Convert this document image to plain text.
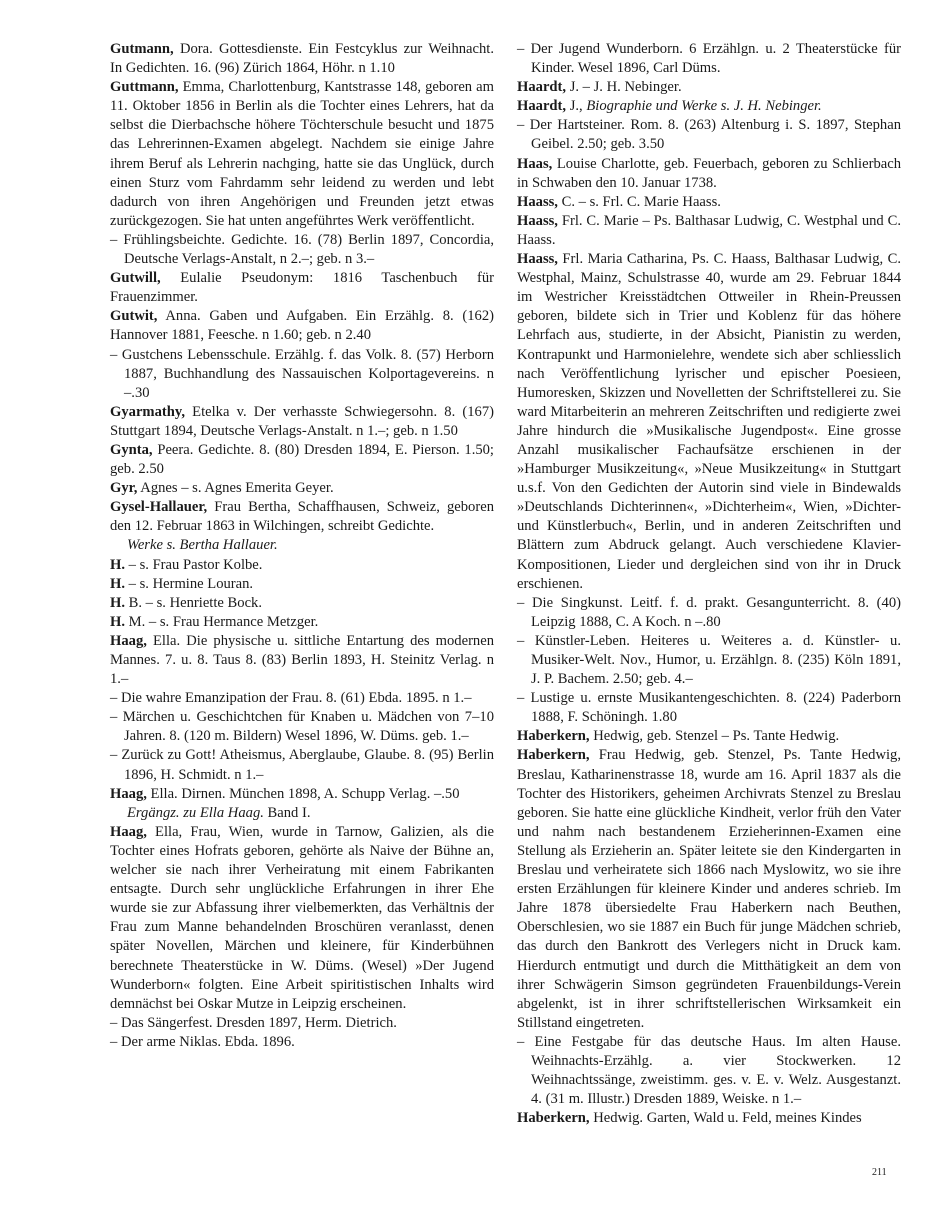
Gutmann, Dora. Gottesdienste. Ein Festcyklus zur Weihnacht. In Gedichten. 16. (96) Zürich 1864, Höhr. n 1.10

Guttmann, Emma, Charlottenburg, Kantstrasse 148, geboren am 11. Oktober 1856 in Berlin als die Tochter eines Lehrers, hat da selbst die Dierbachsche höhere Töchterschule besucht und 1875 das Lehrerinnen-Examen abgelegt. Nachdem sie einige Jahre ihrem Beruf als Lehrerin nachging, hatte sie das Unglück, durch einen Sturz vom Fahrdamm sehr leidend zu werden und lebt dadurch von ihren Angehörigen und Freunden jetzt etwas zurückgezogen. Sie hat unten angeführtes Werk veröffentlicht.

– Frühlingsbeichte. Gedichte. 16. (78) Berlin 1897, Concordia, Deutsche Verlags-Anstalt, n 2.–; geb. n 3.–

Gutwill, Eulalie Pseudonym: 1816 Taschenbuch für Frauenzimmer.

Gutwit, Anna. Gaben und Aufgaben. Ein Erzählg. 8. (162) Hannover 1881, Feesche. n 1.60; geb. n 2.40

– Gustchens Lebensschule. Erzählg. f. das Volk. 8. (57) Herborn 1887, Buchhandlung des Nassauischen Kolportagevereins. n –.30

Gyarmathy, Etelka v. Der verhasste Schwiegersohn. 8. (167) Stuttgart 1894, Deutsche Verlags-Anstalt. n 1.–; geb. n 1.50

Gynta, Peera. Gedichte. 8. (80) Dresden 1894, E. Pierson. 1.50; geb. 2.50

Gyr, Agnes – s. Agnes Emerita Geyer.

Gysel-Hallauer, Frau Bertha, Schaffhausen, Schweiz, geboren den 12. Februar 1863 in Wilchingen, schreibt Gedichte.

Werke s. Bertha Hallauer.

H. – s. Frau Pastor Kolbe.

H. – s. Hermine Louran.

H. B. – s. Henriette Bock.

H. M. – s. Frau Hermance Metzger.

Haag, Ella. Die physische u. sittliche Entartung des modernen Mannes. 7. u. 8. Taus 8. (83) Berlin 1893, H. Steinitz Verlag. n 1.–

– Die wahre Emanzipation der Frau. 8. (61) Ebda. 1895. n 1.–

– Märchen u. Geschichtchen für Knaben u. Mädchen von 7–10 Jahren. 8. (120 m. Bildern) Wesel 1896, W. Düms. geb. 1.–

– Zurück zu Gott! Atheismus, Aberglaube, Glaube. 8. (95) Berlin 1896, H. Schmidt. n 1.–

Haag, Ella. Dirnen. München 1898, A. Schupp Verlag. –.50

Ergängz. zu Ella Haag. Band I.

Haag, Ella, Frau, Wien, wurde in Tarnow, Galizien, als die Tochter eines Hofrats geboren, gehörte als Naive der Bühne an, welcher sie nach ihrer Verheiratung mit einem Fabrikanten entsagte. Durch sehr unglückliche Erfahrungen in ihrer Ehe wurde sie zur Abfassung ihrer vielbemerkten, das Verhältnis der Frau zum Manne behandelnden Broschüren veranlasst, denen später Novellen, Märchen und kleinere, für Kinderbühnen berechnete Theaterstücke in W. Düms. (Wesel) »Der Jugend Wunderborn« folgten. Eine Arbeit spiritistischen Inhalts wird demnächst bei Oskar Mutze in Leipzig erscheinen.

– Das Sängerfest. Dresden 1897, Herm. Dietrich.

– Der arme Niklas. Ebda. 1896.

– Der Jugend Wunderborn. 6 Erzählgn. u. 2 Theaterstücke für Kinder. Wesel 1896, Carl Düms.

Haardt, J. – J. H. Nebinger.

Haardt, J., Biographie und Werke s. J. H. Nebinger.

– Der Hartsteiner. Rom. 8. (263) Altenburg i. S. 1897, Stephan Geibel. 2.50; geb. 3.50

Haas, Louise Charlotte, geb. Feuerbach, geboren zu Schlierbach in Schwaben den 10. Januar 1738.

Haass, C. – s. Frl. C. Marie Haass.

Haass, Frl. C. Marie – Ps. Balthasar Ludwig, C. Westphal und C. Haass.

Haass, Frl. Maria Catharina, Ps. C. Haass, Balthasar Ludwig, C. Westphal, Mainz, Schulstrasse 40, wurde am 29. Februar 1844 im Westricher Kreisstädtchen Ottweiler in Rhein-Preussen geboren, bildete sich in Trier und Koblenz für das höhere Lehrfach aus, studierte, in der Absicht, Pianistin zu werden, Kontrapunkt und Harmonielehre, wendete sich aber schliesslich nach Veröffentlichung lyrischer und epischer Poesieen, Humoresken, Skizzen und Novelletten der Schriftstellerei zu. Sie ward Mitarbeiterin an mehreren Zeitschriften und redigierte zwei Jahre hindurch die »Musikalische Jugendpost«. Eine grosse Anzahl musikalischer Fachaufsätze erschienen in der »Hamburger Musikzeitung«, »Neue Musikzeitung« in Stuttgart u.s.f. Von den Gedichten der Autorin sind viele in Bindewalds »Deutschlands Dichterinnen«, »Dichterheim«, Wien, »Dichter- und Künstlerbuch«, Berlin, und in anderen Zeitschriften und Blättern zum Abdruck gelangt. Auch verschiedene Klavier-Kompositionen, Lieder und dergleichen sind von ihr in Druck erschienen.

– Die Singkunst. Leitf. f. d. prakt. Gesangunterricht. 8. (40) Leipzig 1888, C. A Koch. n –.80

– Künstler-Leben. Heiteres u. Weiteres a. d. Künstler- u. Musiker-Welt. Nov., Humor, u. Erzählgn. 8. (235) Köln 1891, J. P. Bachem. 2.50; geb. 4.–

– Lustige u. ernste Musikantengeschichten. 8. (224) Paderborn 1888, F. Schöningh. 1.80

Haberkern, Hedwig, geb. Stenzel – Ps. Tante Hedwig.

Haberkern, Frau Hedwig, geb. Stenzel, Ps. Tante Hedwig, Breslau, Katharinenstrasse 18, wurde am 16. April 1837 als die Tochter des Historikers, geheimen Archivrats Stenzel zu Breslau geboren. Sie hatte eine glückliche Kindheit, verlor früh den Vater und nahm nach bestandenem Erzieherinnen-Examen eine Stellung als Erzieherin an. Später leitete sie den Kindergarten in Breslau und verheiratete sich 1866 nach Myslowitz, wo sie ihre ersten Erzählungen für kleinere Kinder und anderes schrieb. Im Jahre 1878 übersiedelte Frau Haberkern nach Beuthen, Oberschlesien, wo sie 1887 ein Buch für junge Mädchen schrieb, das durch den Bankrott des Verlegers nicht in Druck kam. Hierdurch entmutigt und durch die Mitthätigkeit an dem von ihrer Schwägerin Simson gegründeten Frauenbildungs-Verein abgelenkt, ist in ihrer schriftstellerischen Wirksamkeit ein Stillstand eingetreten.

– Eine Festgabe für das deutsche Haus. Im alten Hause. Weihnachts-Erzählg. a. vier Stockwerken. 12 Weihnachtssänge, zweistimm. ges. v. E. v. Welz. Ausgestanzt. 4. (31 m. Illustr.) Dresden 1889, Weiske. n 1.–

Haberkern, Hedwig. Garten, Wald u. Feld, meines Kindes

211
